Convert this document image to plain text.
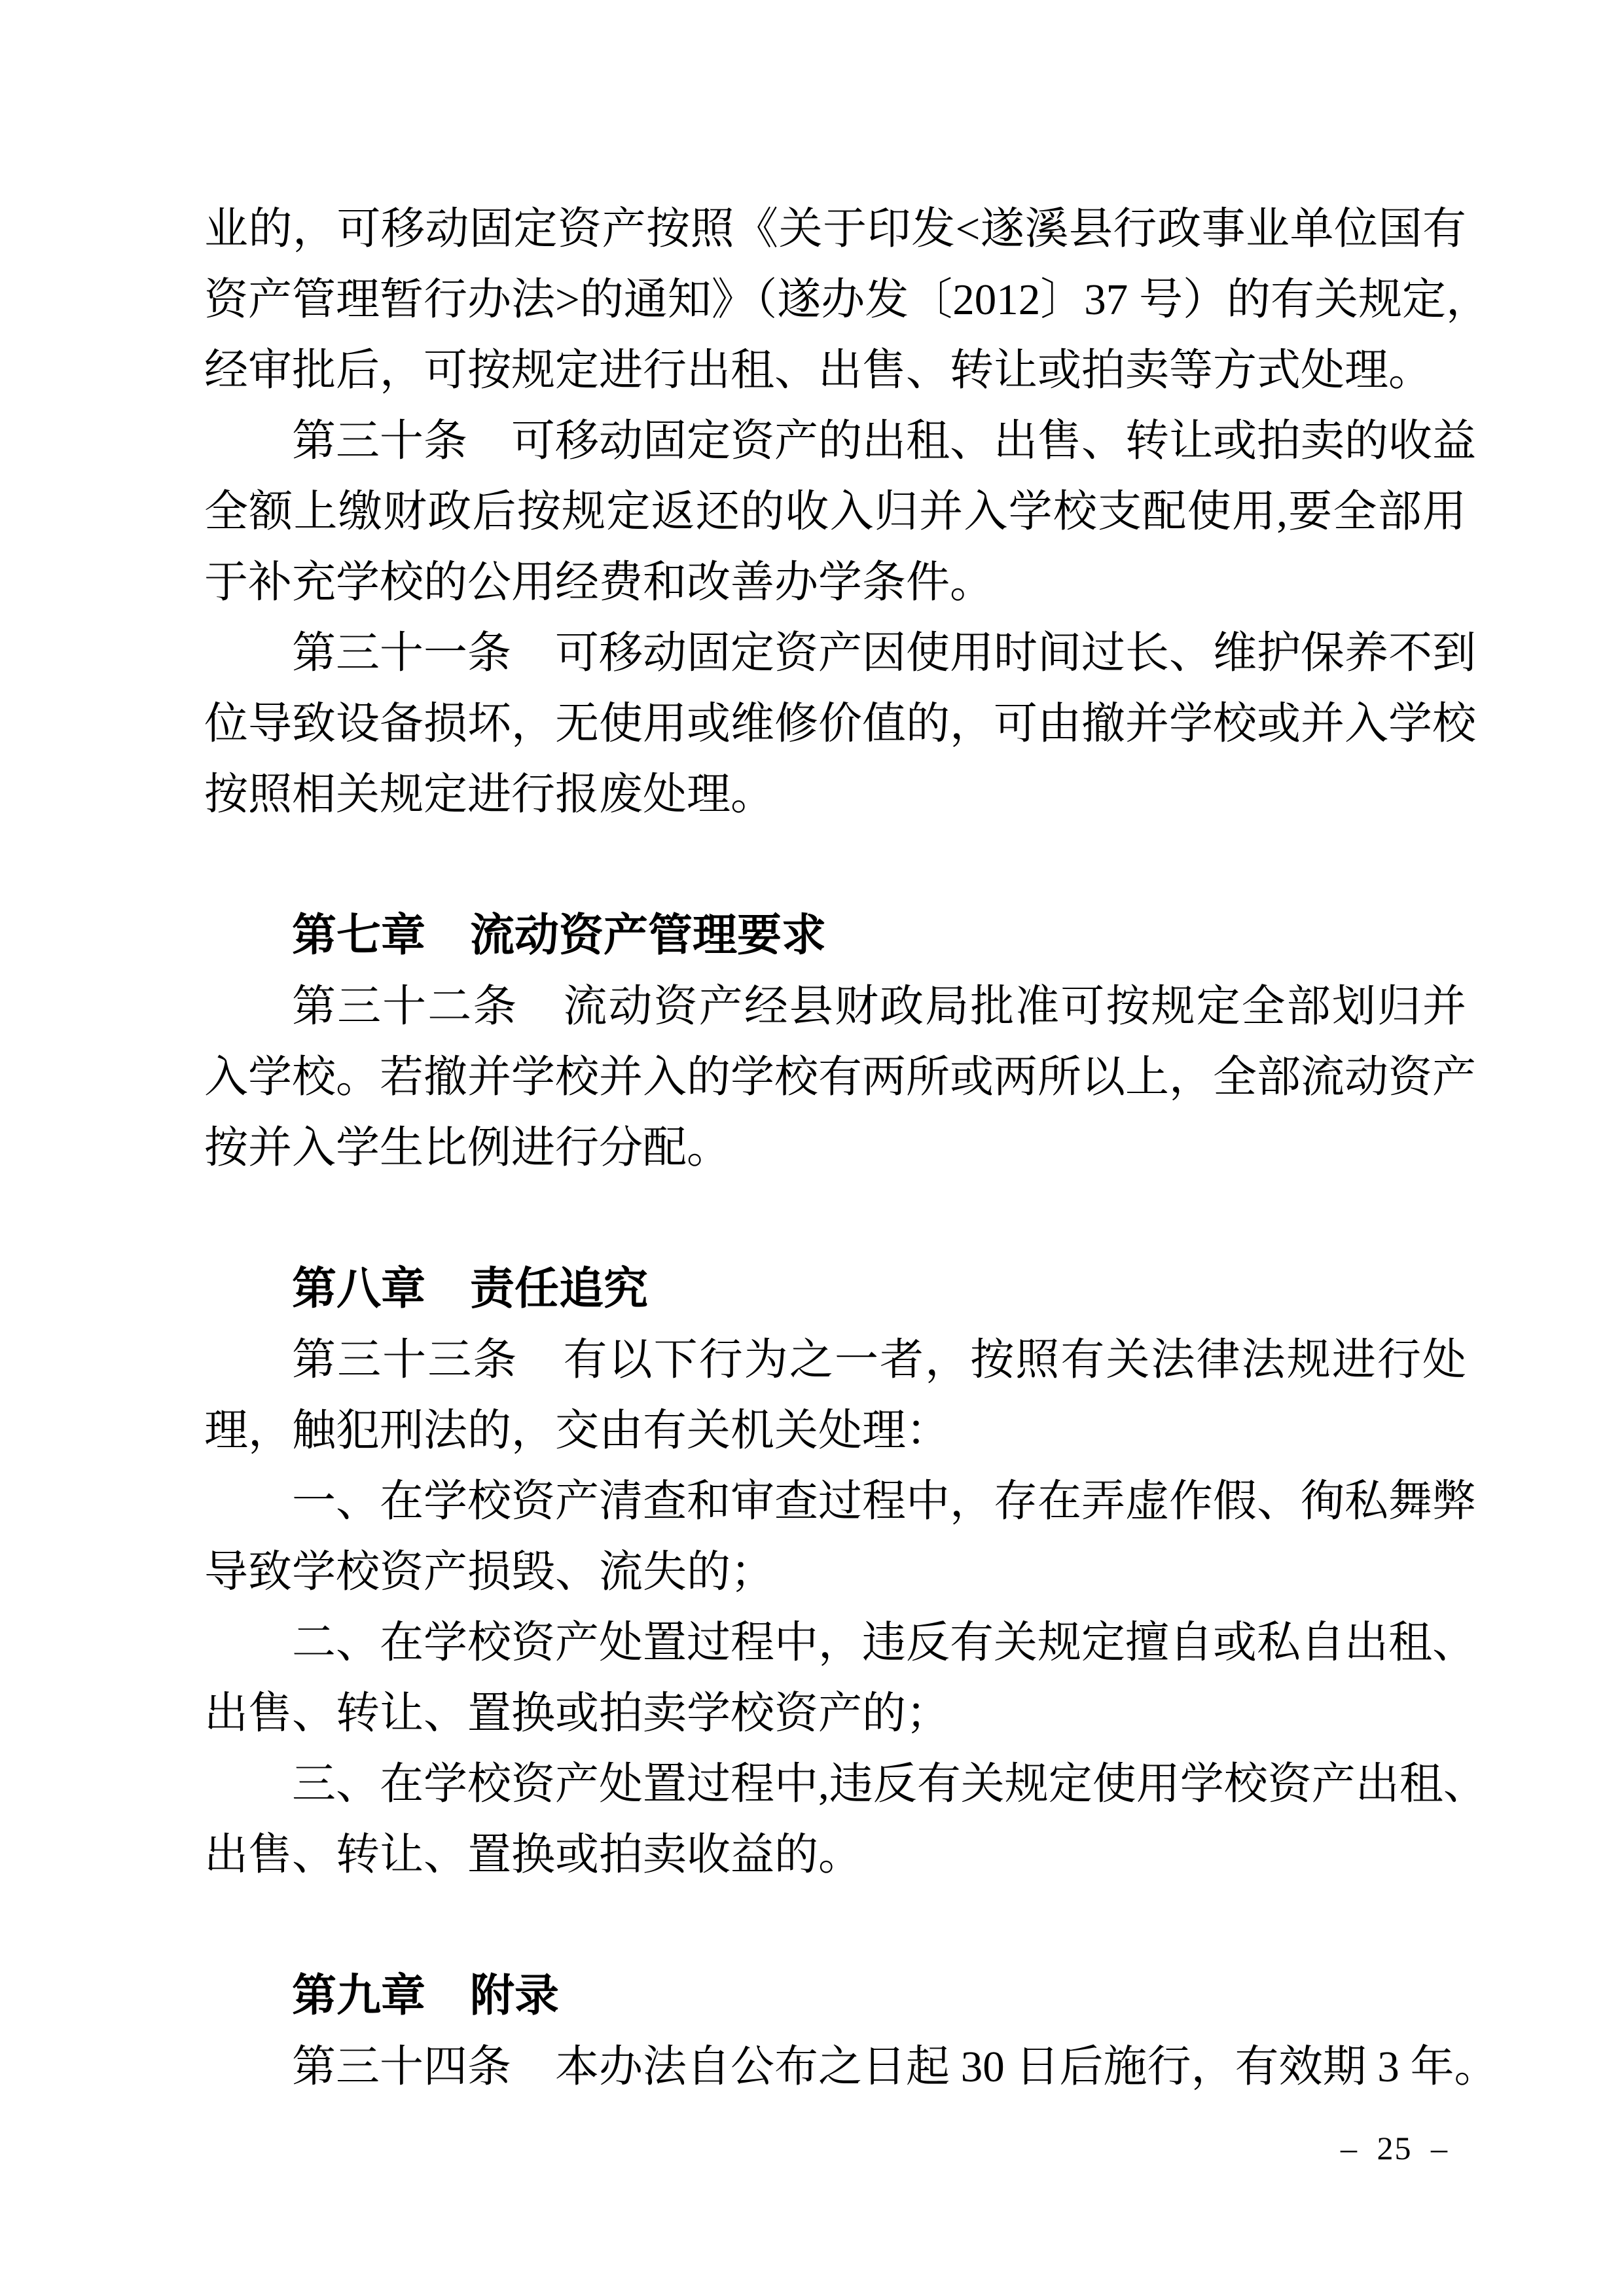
业的，可移动固定资产按照《关于印发<遂溪县行政事业单位国有
资产管理暂行办法>的通知》（遂办发〔2012〕37 号）的有关规定，
经审批后，可按规定进行出租、出售、转让或拍卖等方式处理。
第三十条　可移动固定资产的出租、出售、转让或拍卖的收益
全额上缴财政后按规定返还的收入归并入学校支配使用,要全部用
于补充学校的公用经费和改善办学条件。
第三十一条　可移动固定资产因使用时间过长、维护保养不到
位导致设备损坏，无使用或维修价值的，可由撤并学校或并入学校
按照相关规定进行报废处理。
第七章　流动资产管理要求
第三十二条　流动资产经县财政局批准可按规定全部划归并
入学校。若撤并学校并入的学校有两所或两所以上，全部流动资产
按并入学生比例进行分配。
第八章　责任追究
第三十三条　有以下行为之一者，按照有关法律法规进行处
理，触犯刑法的，交由有关机关处理：
一、在学校资产清查和审查过程中，存在弄虚作假、徇私舞弊
导致学校资产损毁、流失的；
二、在学校资产处置过程中，违反有关规定擅自或私自出租、
出售、转让、置换或拍卖学校资产的；
三、在学校资产处置过程中,违反有关规定使用学校资产出租、
出售、转让、置换或拍卖收益的。
第九章　附录
第三十四条　本办法自公布之日起 30 日后施行，有效期 3 年。
– 25 –
